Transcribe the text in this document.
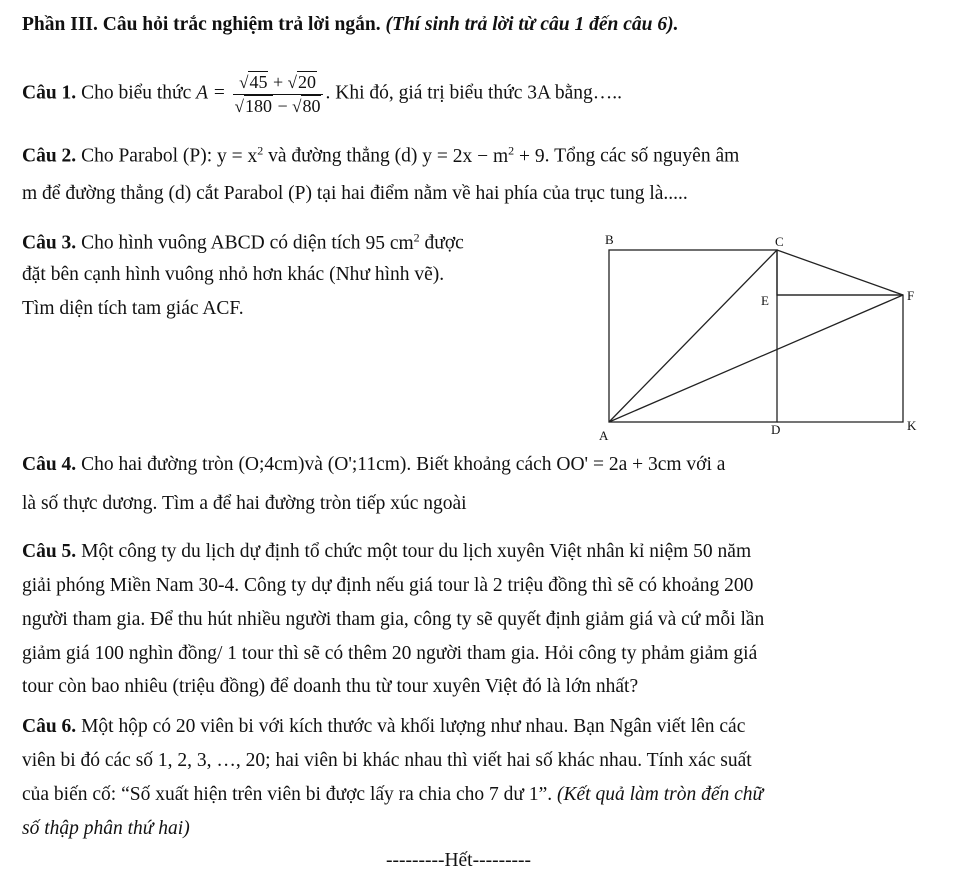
Phần III. Câu hỏi trắc nghiệm trả lời ngắn. (Thí sinh trả lời từ câu 1 đến câu 6).
Câu 1. Cho biểu thức $A = \frac{√45 + √20}{√180 - √80}$ . Khi đó, giá trị biểu thức 3A bằng…..
Câu 2. Cho Parabol (P): $y = x^2$ và đường thẳng (d) $y = 2x - m^2 + 9$. Tổng các số nguyên âm
m để đường thẳng (d) cắt Parabol (P) tại hai điểm nằm về hai phía của trục tung là.....
Câu 3. Cho hình vuông ABCD có diện tích 95 $cm^2$ được
đặt bên cạnh hình vuông nhỏ hơn khác (Như hình vẽ).
Tìm diện tích tam giác ACF.
B	C
E	F
A	D	K
Câu 4. Cho hai đường tròn (O;4cm)và (O';11cm). Biết khoảng cách OO' = 2a + 3cm với a
là số thực dương. Tìm a để hai đường tròn tiếp xúc ngoài
Câu 5. Một công ty du lịch dự định tổ chức một tour du lịch xuyên Việt nhân kỉ niệm 50 năm
giải phóng Miền Nam 30-4. Công ty dự định nếu giá tour là 2 triệu đồng thì sẽ có khoảng 200
người tham gia. Để thu hút nhiều người tham gia, công ty sẽ quyết định giảm giá và cứ mỗi lần
giảm giá 100 nghìn đồng/ 1 tour thì sẽ có thêm 20 người tham gia. Hỏi công ty phảm giảm giá
tour còn bao nhiêu (triệu đồng) để doanh thu từ tour xuyên Việt đó là lớn nhất?
Câu 6. Một hộp có 20 viên bi với kích thước và khối lượng như nhau. Bạn Ngân viết lên các
viên bi đó các số 1, 2, 3, …, 20; hai viên bi khác nhau thì viết hai số khác nhau. Tính xác suất
của biến cố: “Số xuất hiện trên viên bi được lấy ra chia cho 7 dư 1”. (Kết quả làm tròn đến chữ
số thập phân thứ hai)
---------Hết---------
